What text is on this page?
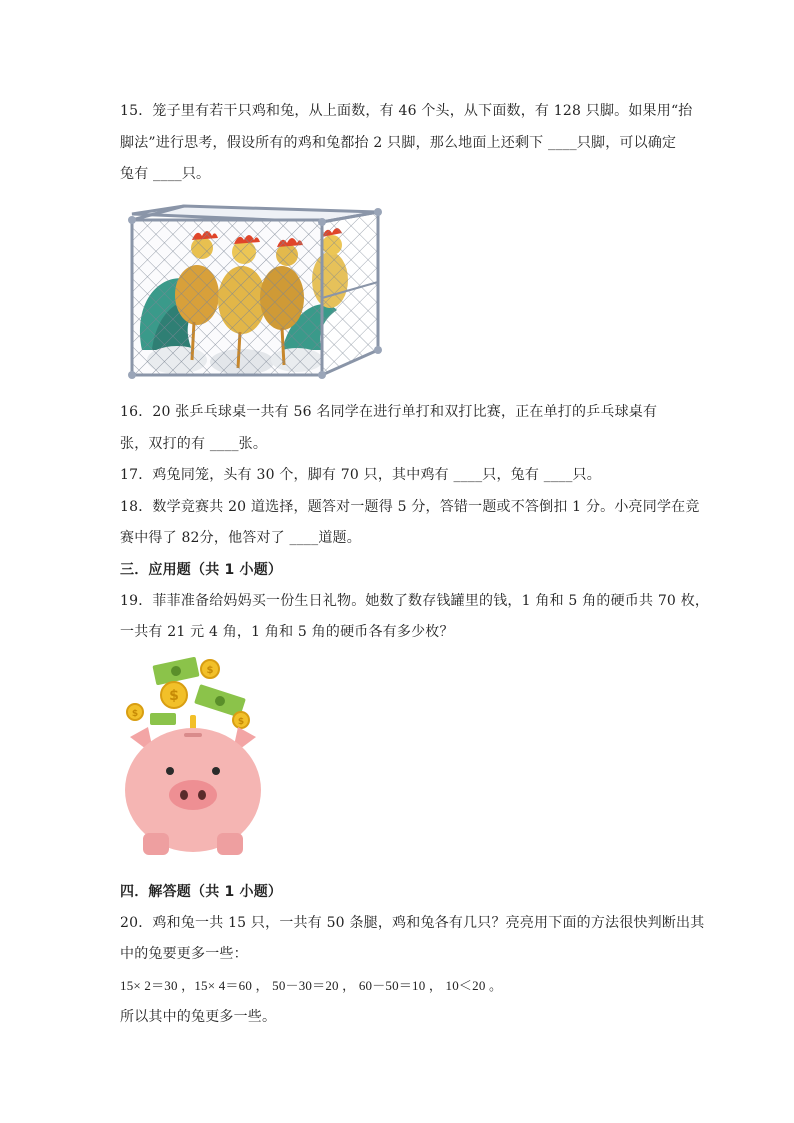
15．笼子里有若干只鸡和兔，从上面数，有 46 个头，从下面数，有 128 只脚。如果用“抬
脚法”进行思考，假设所有的鸡和兔都抬 2 只脚，那么地面上还剩下 ____只脚，可以确定
兔有 ____只。
16．20 张乒乓球桌一共有 56 名同学在进行单打和双打比赛，正在单打的乒乓球桌有
张，双打的有 ____张。
17．鸡兔同笼，头有 30 个，脚有 70 只，其中鸡有 ____只，兔有 ____只。
18．数学竞赛共 20 道选择，题答对一题得 5 分，答错一题或不答倒扣 1 分。小亮同学在竞
赛中得了 82分，他答对了 ____道题。
三．应用题（共 1 小题）
19．菲菲准备给妈妈买一份生日礼物。她数了数存钱罐里的钱，1 角和 5 角的硬币共 70 枚，
一共有 21 元 4 角，1 角和 5 角的硬币各有多少枚？
$
$
$
$
四．解答题（共 1 小题）
20．鸡和兔一共 15 只，一共有 50 条腿，鸡和兔各有几只？亮亮用下面的方法很快判断出其
中的兔要更多一些：
15× 2＝30 ，15× 4＝60 ， 50－30＝20 ， 60－50＝10 ， 10＜20 。
所以其中的兔更多一些。
